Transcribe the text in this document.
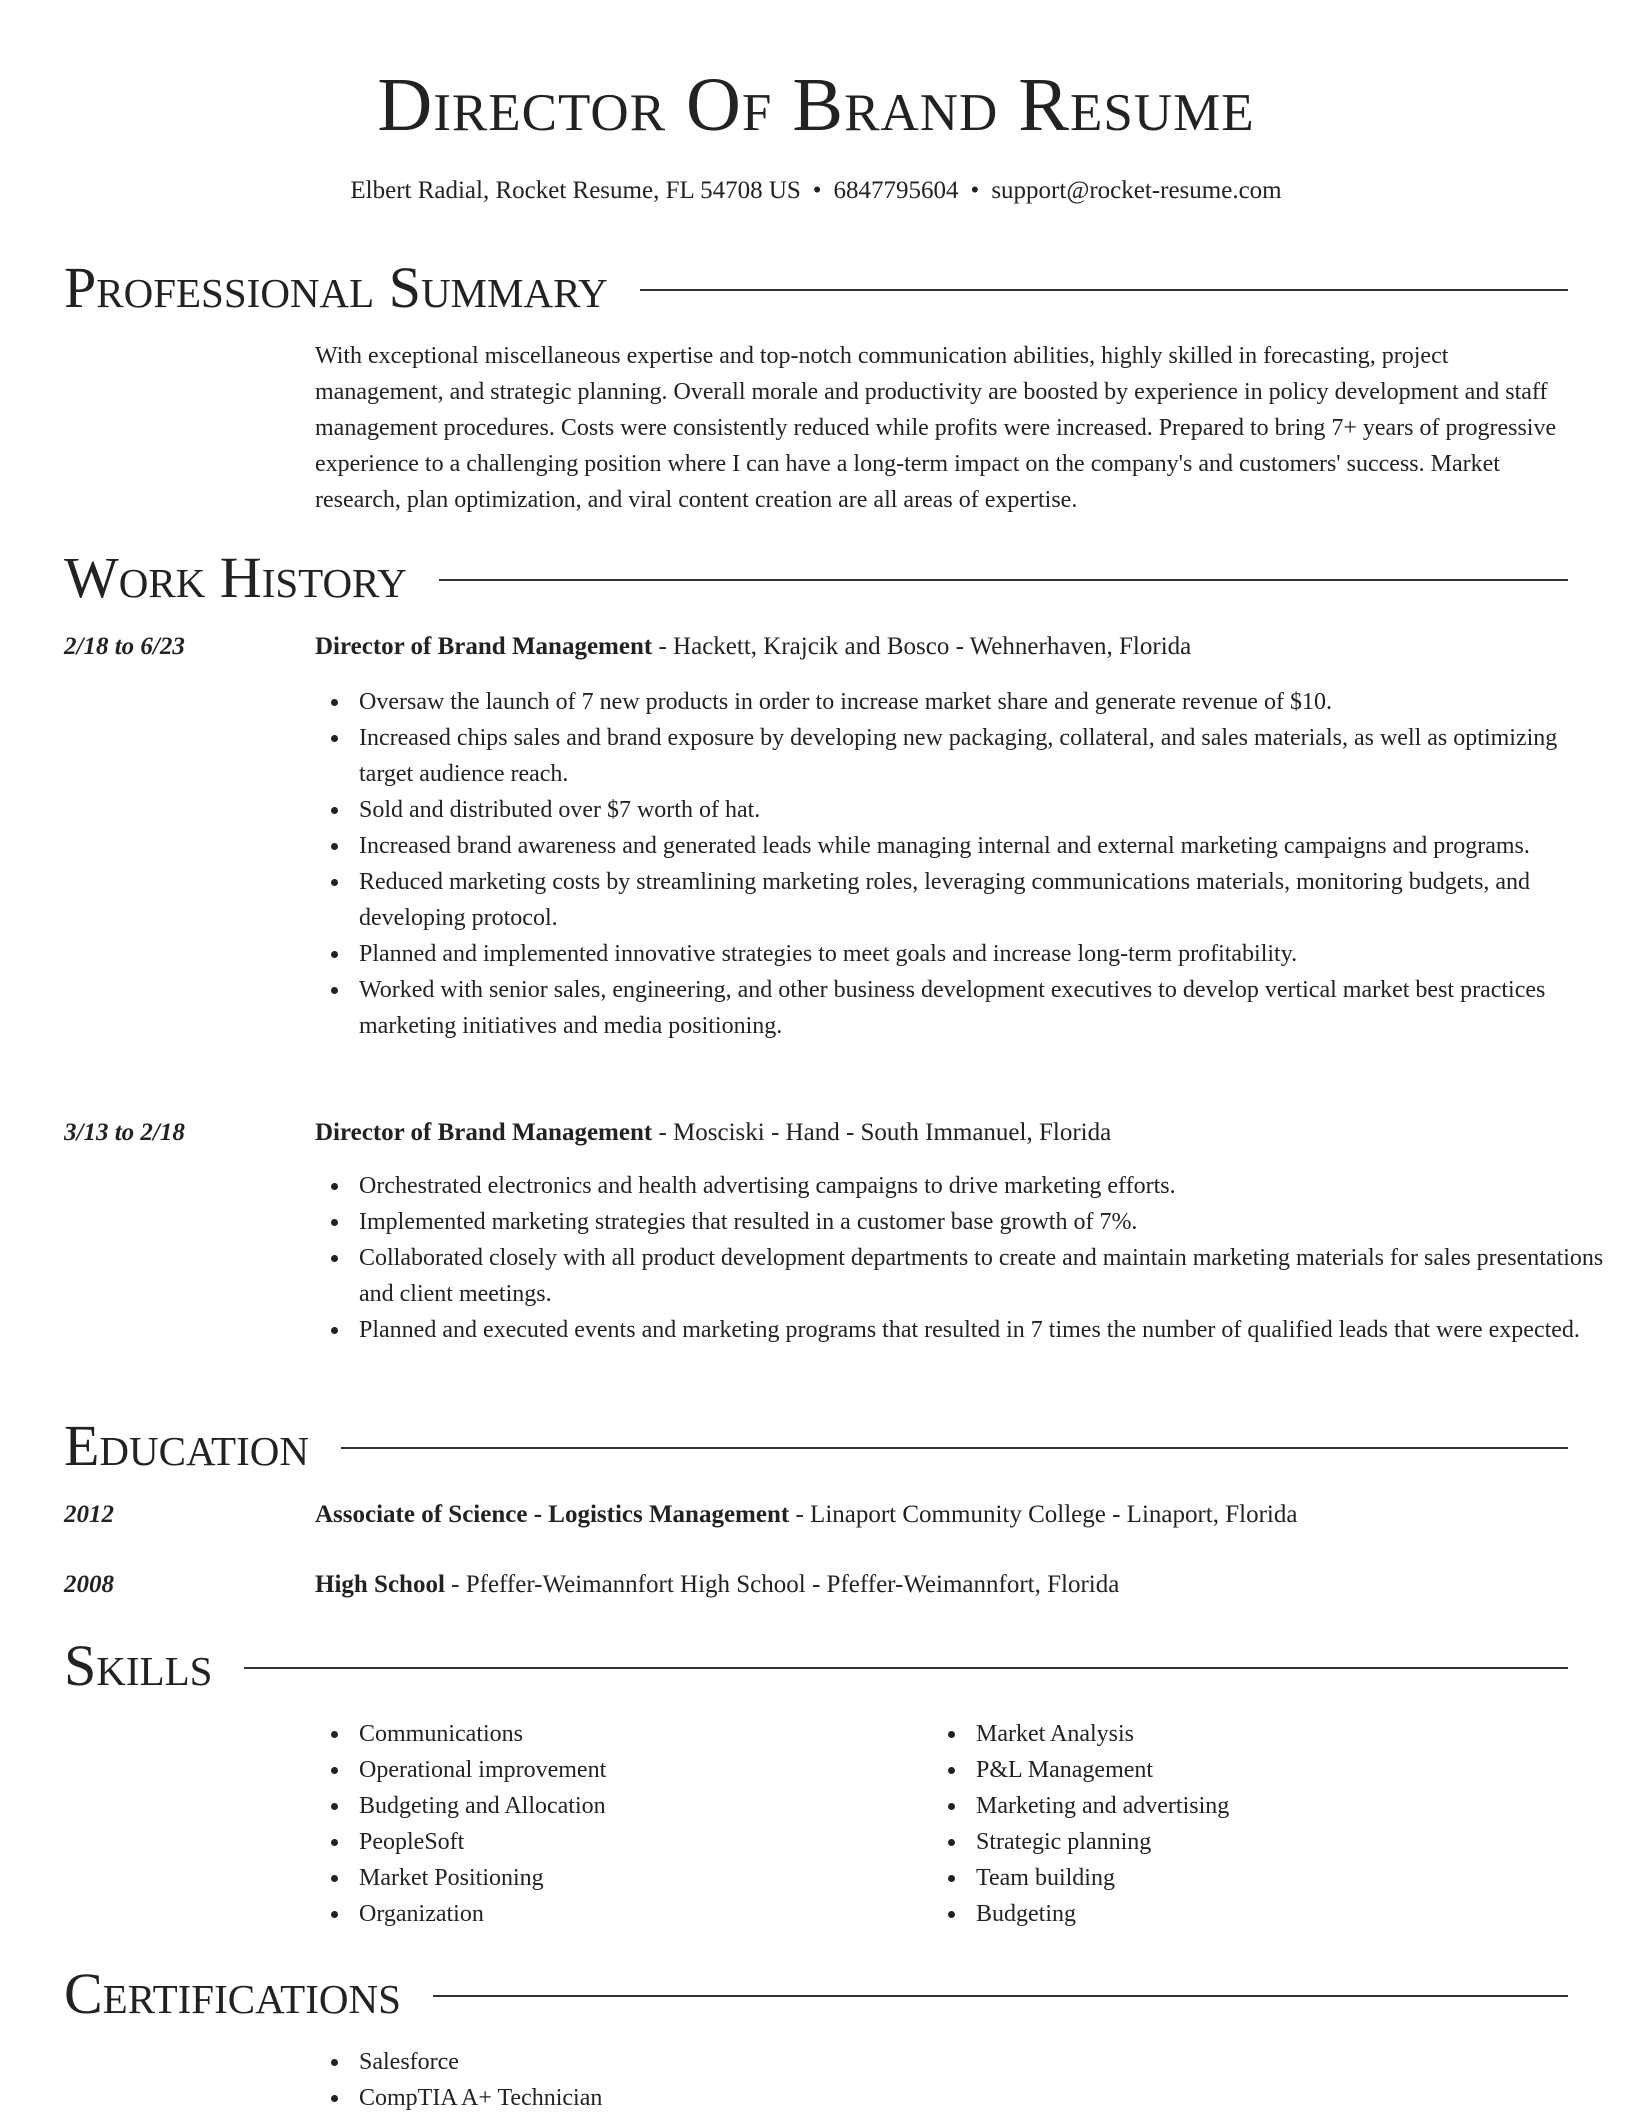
Director Of Brand Resume
Elbert Radial, Rocket Resume, FL 54708 US • 6847795604 • support@rocket-resume.com
Professional Summary
With exceptional miscellaneous expertise and top-notch communication abilities, highly skilled in forecasting, project management, and strategic planning. Overall morale and productivity are boosted by experience in policy development and staff management procedures. Costs were consistently reduced while profits were increased. Prepared to bring 7+ years of progressive experience to a challenging position where I can have a long-term impact on the company's and customers' success. Market research, plan optimization, and viral content creation are all areas of expertise.
Work History
2/18 to 6/23	Director of Brand Management - Hackett, Krajcik and Bosco - Wehnerhaven, Florida
Oversaw the launch of 7 new products in order to increase market share and generate revenue of $10.
Increased chips sales and brand exposure by developing new packaging, collateral, and sales materials, as well as optimizing target audience reach.
Sold and distributed over $7 worth of hat.
Increased brand awareness and generated leads while managing internal and external marketing campaigns and programs.
Reduced marketing costs by streamlining marketing roles, leveraging communications materials, monitoring budgets, and developing protocol.
Planned and implemented innovative strategies to meet goals and increase long-term profitability.
Worked with senior sales, engineering, and other business development executives to develop vertical market best practices marketing initiatives and media positioning.
3/13 to 2/18	Director of Brand Management - Mosciski - Hand - South Immanuel, Florida
Orchestrated electronics and health advertising campaigns to drive marketing efforts.
Implemented marketing strategies that resulted in a customer base growth of 7%.
Collaborated closely with all product development departments to create and maintain marketing materials for sales presentations and client meetings.
Planned and executed events and marketing programs that resulted in 7 times the number of qualified leads that were expected.
Education
2012	Associate of Science - Logistics Management - Linaport Community College - Linaport, Florida
2008	High School - Pfeffer-Weimannfort High School - Pfeffer-Weimannfort, Florida
Skills
Communications
Operational improvement
Budgeting and Allocation
PeopleSoft
Market Positioning
Organization
Market Analysis
P&L Management
Marketing and advertising
Strategic planning
Team building
Budgeting
Certifications
Salesforce
CompTIA A+ Technician
